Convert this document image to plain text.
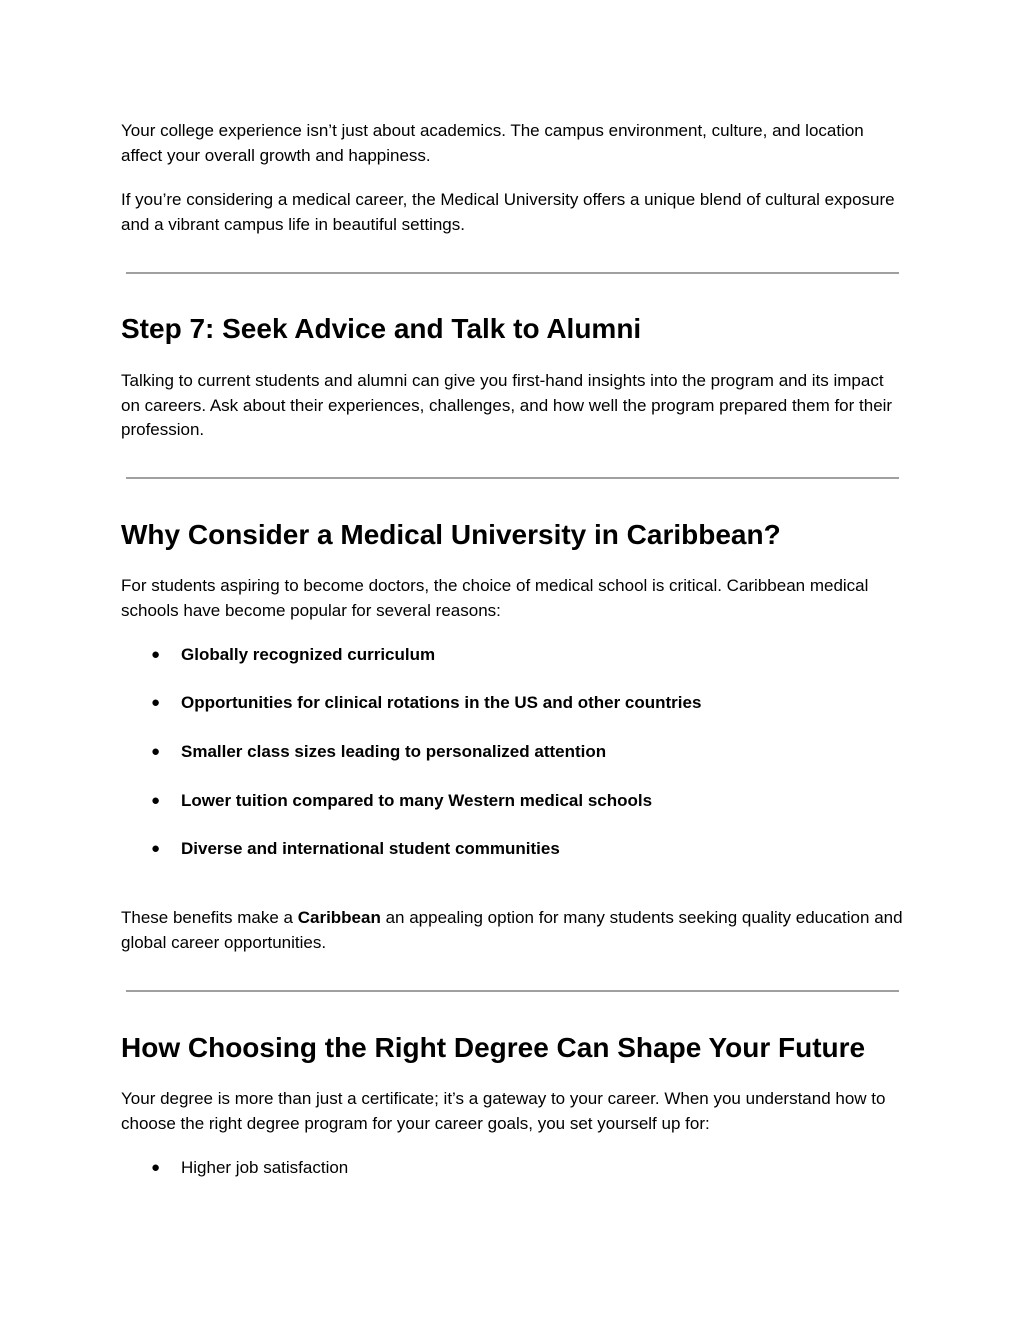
Your college experience isn’t just about academics. The campus environment, culture, and location affect your overall growth and happiness.

If you’re considering a medical career, the Medical University offers a unique blend of cultural exposure and a vibrant campus life in beautiful settings.

Step 7: Seek Advice and Talk to Alumni

Talking to current students and alumni can give you first-hand insights into the program and its impact on careers. Ask about their experiences, challenges, and how well the program prepared them for their profession.

Why Consider a Medical University in Caribbean?

For students aspiring to become doctors, the choice of medical school is critical. Caribbean medical schools have become popular for several reasons:

● Globally recognized curriculum
● Opportunities for clinical rotations in the US and other countries
● Smaller class sizes leading to personalized attention
● Lower tuition compared to many Western medical schools
● Diverse and international student communities

These benefits make a Caribbean an appealing option for many students seeking quality education and global career opportunities.

How Choosing the Right Degree Can Shape Your Future

Your degree is more than just a certificate; it’s a gateway to your career. When you understand how to choose the right degree program for your career goals, you set yourself up for:

● Higher job satisfaction
